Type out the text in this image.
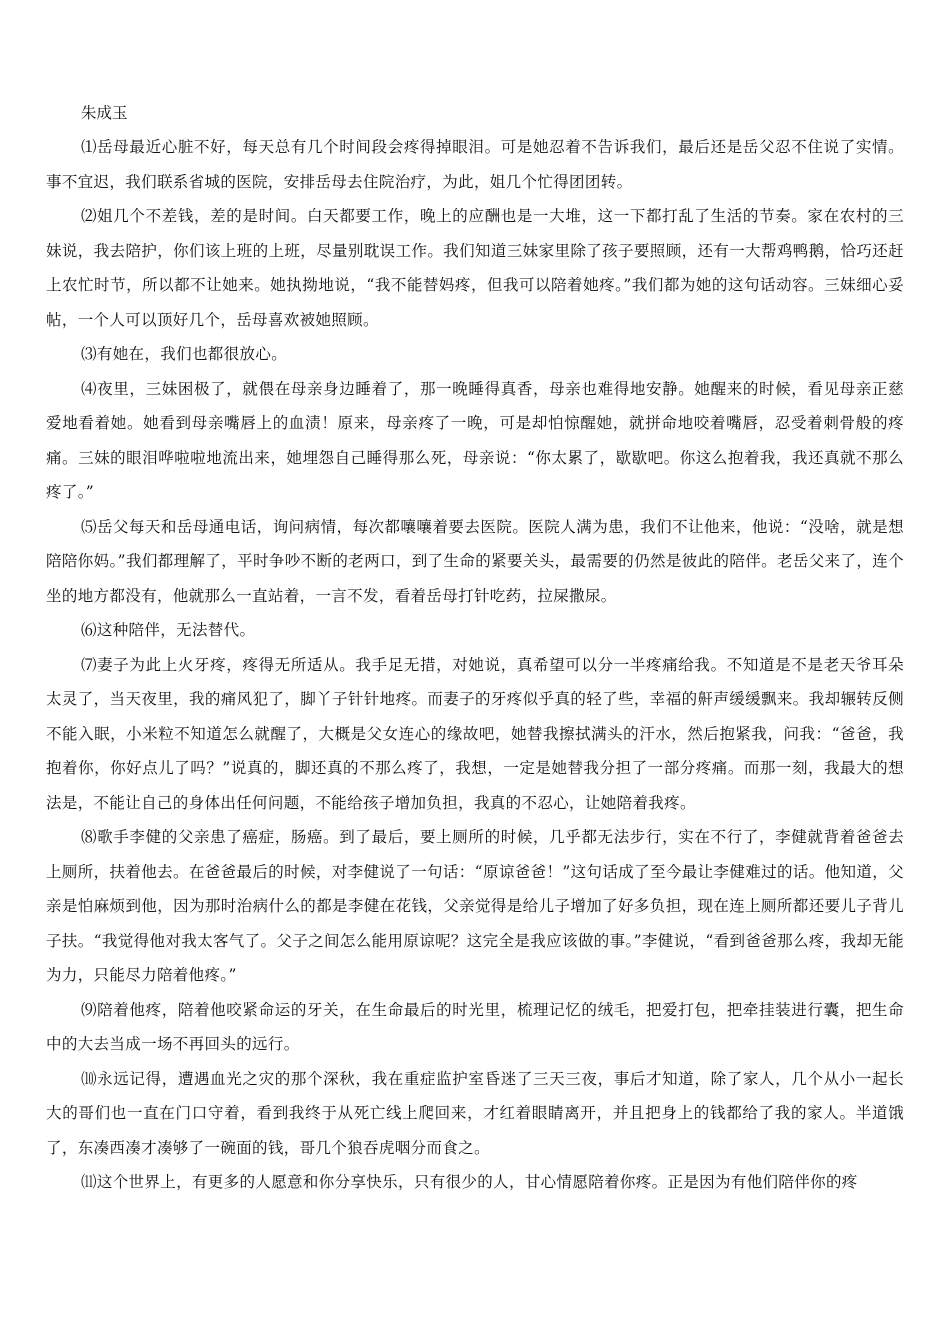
朱成玉

⑴岳母最近心脏不好，每天总有几个时间段会疼得掉眼泪。可是她忍着不告诉我们，最后还是岳父忍不住说了实情。事不宜迟，我们联系省城的医院，安排岳母去住院治疗，为此，姐几个忙得团团转。

⑵姐几个不差钱，差的是时间。白天都要工作，晚上的应酬也是一大堆，这一下都打乱了生活的节奏。家在农村的三妹说，我去陪护，你们该上班的上班，尽量别耽误工作。我们知道三妹家里除了孩子要照顾，还有一大帮鸡鸭鹅，恰巧还赶上农忙时节，所以都不让她来。她执拗地说，“我不能替妈疼，但我可以陪着她疼。”我们都为她的这句话动容。三妹细心妥帖，一个人可以顶好几个，岳母喜欢被她照顾。

⑶有她在，我们也都很放心。

⑷夜里，三妹困极了，就偎在母亲身边睡着了，那一晚睡得真香，母亲也难得地安静。她醒来的时候，看见母亲正慈爱地看着她。她看到母亲嘴唇上的血渍！原来，母亲疼了一晚，可是却怕惊醒她，就拼命地咬着嘴唇，忍受着刺骨般的疼痛。三妹的眼泪哗啦啦地流出来，她埋怨自己睡得那么死，母亲说：“你太累了，歇歇吧。你这么抱着我，我还真就不那么疼了。”

⑸岳父每天和岳母通电话，询问病情，每次都嚷嚷着要去医院。医院人满为患，我们不让他来，他说：“没啥，就是想陪陪你妈。”我们都理解了，平时争吵不断的老两口，到了生命的紧要关头，最需要的仍然是彼此的陪伴。老岳父来了，连个坐的地方都没有，他就那么一直站着，一言不发，看着岳母打针吃药，拉屎撒尿。

⑹这种陪伴，无法替代。

⑺妻子为此上火牙疼，疼得无所适从。我手足无措，对她说，真希望可以分一半疼痛给我。不知道是不是老天爷耳朵太灵了，当天夜里，我的痛风犯了，脚丫子针针地疼。而妻子的牙疼似乎真的轻了些，幸福的鼾声缓缓飘来。我却辗转反侧不能入眠，小米粒不知道怎么就醒了，大概是父女连心的缘故吧，她替我擦拭满头的汗水，然后抱紧我，问我：“爸爸，我抱着你，你好点儿了吗？”说真的，脚还真的不那么疼了，我想，一定是她替我分担了一部分疼痛。而那一刻，我最大的想法是，不能让自己的身体出任何问题，不能给孩子增加负担，我真的不忍心，让她陪着我疼。

⑻歌手李健的父亲患了癌症，肠癌。到了最后，要上厕所的时候，几乎都无法步行，实在不行了，李健就背着爸爸去上厕所，扶着他去。在爸爸最后的时候，对李健说了一句话：“原谅爸爸！”这句话成了至今最让李健难过的话。他知道，父亲是怕麻烦到他，因为那时治病什么的都是李健在花钱，父亲觉得是给儿子增加了好多负担，现在连上厕所都还要儿子背儿子扶。“我觉得他对我太客气了。父子之间怎么能用原谅呢？这完全是我应该做的事。”李健说，“看到爸爸那么疼，我却无能为力，只能尽力陪着他疼。”

⑼陪着他疼，陪着他咬紧命运的牙关，在生命最后的时光里，梳理记忆的绒毛，把爱打包，把牵挂装进行囊，把生命中的大去当成一场不再回头的远行。

⑽永远记得，遭遇血光之灾的那个深秋，我在重症监护室昏迷了三天三夜，事后才知道，除了家人，几个从小一起长大的哥们也一直在门口守着，看到我终于从死亡线上爬回来，才红着眼睛离开，并且把身上的钱都给了我的家人。半道饿了，东凑西凑才凑够了一碗面的钱，哥几个狼吞虎咽分而食之。

⑾这个世界上，有更多的人愿意和你分享快乐，只有很少的人，甘心情愿陪着你疼。正是因为有他们陪伴你的疼
